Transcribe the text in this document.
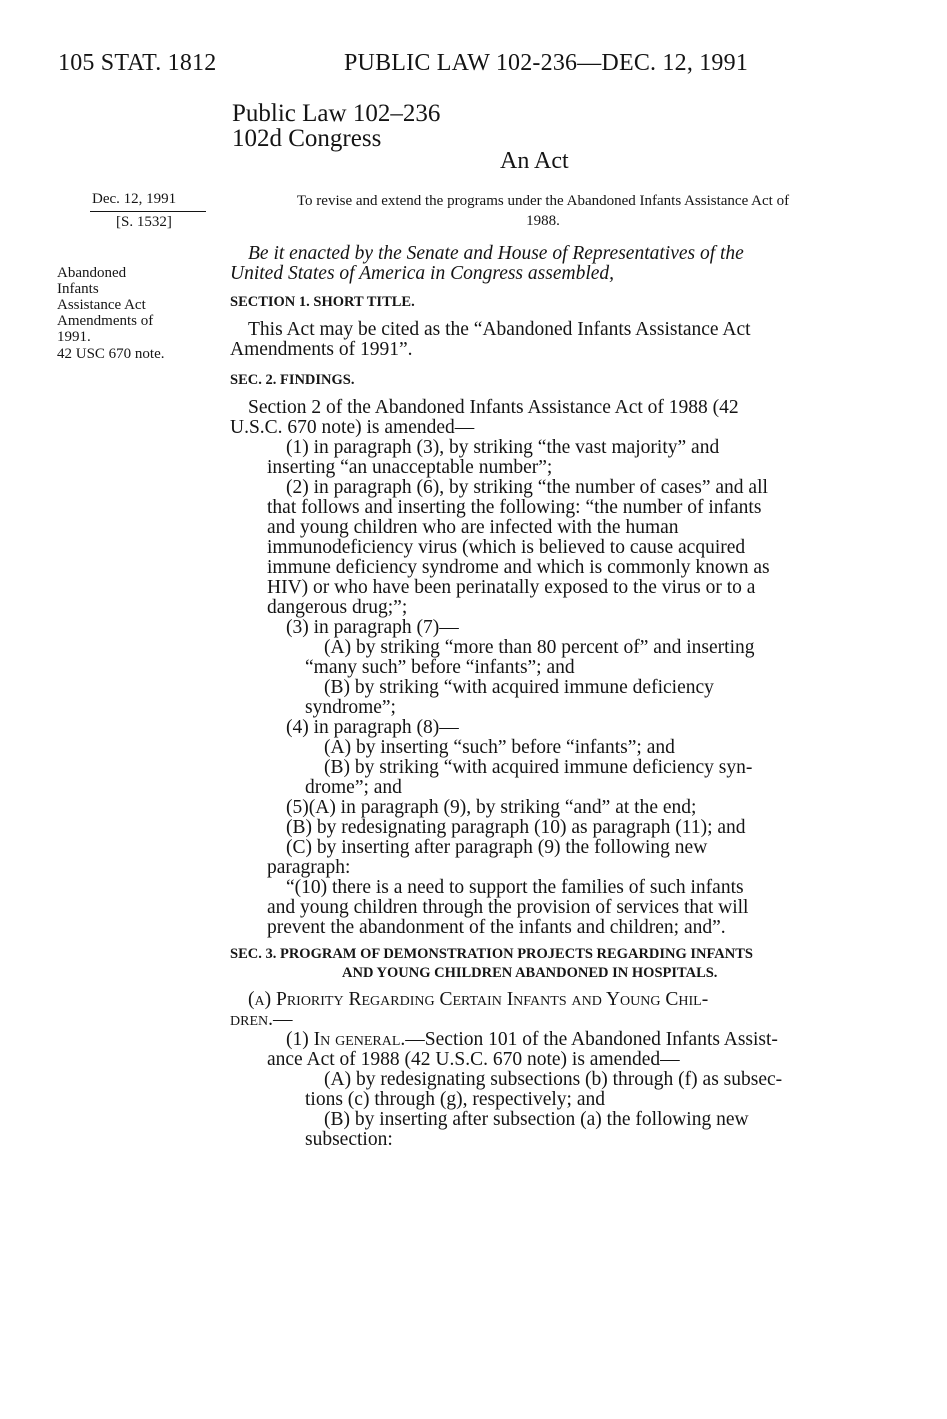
105 STAT. 1812	PUBLIC LAW 102-236—DEC. 12, 1991
Public Law 102–236
102d Congress
An Act
Dec. 12, 1991
[S. 1532]
Abandoned
Infants
Assistance Act
Amendments of
1991.
42 USC 670 note.
To revise and extend the programs under the Abandoned Infants Assistance Act of
1988.
Be it enacted by the Senate and House of Representatives of the
United States of America in Congress assembled,
SECTION 1. SHORT TITLE.
This Act may be cited as the “Abandoned Infants Assistance Act
Amendments of 1991”.
SEC. 2. FINDINGS.
Section 2 of the Abandoned Infants Assistance Act of 1988 (42
U.S.C. 670 note) is amended—
(1) in paragraph (3), by striking “the vast majority” and
inserting “an unacceptable number”;
(2) in paragraph (6), by striking “the number of cases” and all
that follows and inserting the following: “the number of infants
and young children who are infected with the human
immunodeficiency virus (which is believed to cause acquired
immune deficiency syndrome and which is commonly known as
HIV) or who have been perinatally exposed to the virus or to a
dangerous drug;”;
(3) in paragraph (7)—
(A) by striking “more than 80 percent of” and inserting
“many such” before “infants”; and
(B) by striking “with acquired immune deficiency
syndrome”;
(4) in paragraph (8)—
(A) by inserting “such” before “infants”; and
(B) by striking “with acquired immune deficiency syn-
drome”; and
(5)(A) in paragraph (9), by striking “and” at the end;
(B) by redesignating paragraph (10) as paragraph (11); and
(C) by inserting after paragraph (9) the following new
paragraph:
“(10) there is a need to support the families of such infants
and young children through the provision of services that will
prevent the abandonment of the infants and children; and”.
SEC. 3. PROGRAM OF DEMONSTRATION PROJECTS REGARDING INFANTS
AND YOUNG CHILDREN ABANDONED IN HOSPITALS.
(a) Priority Regarding Certain Infants and Young Chil-
dren.—
(1) In general.—Section 101 of the Abandoned Infants Assist-
ance Act of 1988 (42 U.S.C. 670 note) is amended—
(A) by redesignating subsections (b) through (f) as subsec-
tions (c) through (g), respectively; and
(B) by inserting after subsection (a) the following new
subsection:
